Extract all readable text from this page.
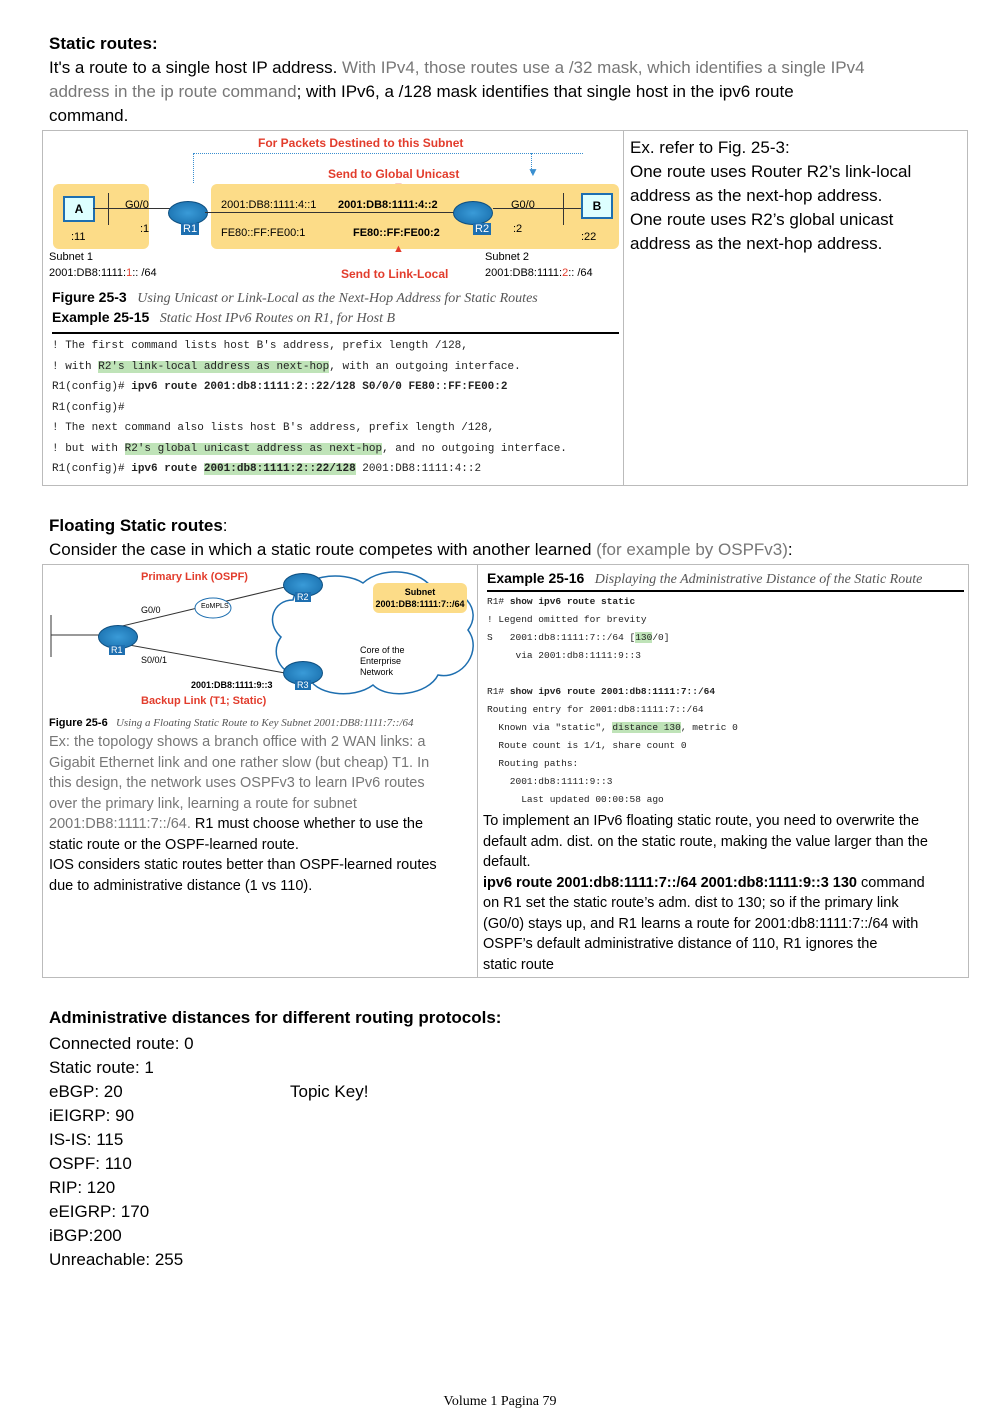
Static routes:
It's a route to a single host IP address. With IPv4, those routes use a /32 mask, which identifies a single IPv4
address in the ip route command; with IPv6, a /128 mask identifies that single host in the ipv6 route
command.
For Packets Destined to this Subnet
▼
Send to Global Unicast
A	G0/0
:11
:1	R1
2001:DB8:1111:4::1 2001:DB8:1111:4::2
FE80::FF:FE00:1	FE80::FF:FE00:2	R2
G0/0
:2
B
:22
Subnet 1
2001:DB8:1111:1:: /64
▲
Send to Link-Local
Subnet 2
2001:DB8:1111:2:: /64
Figure 25-3 Using Unicast or Link-Local as the Next-Hop Address for Static Routes
Example 25-15 Static Host IPv6 Routes on R1, for Host B
! The first command lists host B's address, prefix length /128,
! with R2's link-local address as next-hop, with an outgoing interface.
R1(config)# ipv6 route 2001:db8:1111:2::22/128 S0/0/0 FE80::FF:FE00:2
R1(config)#
! The next command also lists host B's address, prefix length /128,
! but with R2's global unicast address as next-hop, and no outgoing interface.
R1(config)# ipv6 route 2001:db8:1111:2::22/128 2001:DB8:1111:4::2
Ex. refer to Fig. 25-3:
One route uses Router R2’s link-local
address as the next-hop address.
One route uses R2’s global unicast
address as the next-hop address.
Floating Static routes:
Consider the case in which a static route competes with another learned (for example by OSPFv3):
Primary Link (OSPF)
G0/0	EoMPLS
R1
S0/0/1
R2
R3
2001:DB8:1111:9::3
Backup Link (T1; Static)
Subnet
2001:DB8:1111:7::/64
Core of the
Enterprise
Network
Figure 25-6 Using a Floating Static Route to Key Subnet 2001:DB8:1111:7::/64
Ex: the topology shows a branch office with 2 WAN links: a
Gigabit Ethernet link and one rather slow (but cheap) T1. In
this design, the network uses OSPFv3 to learn IPv6 routes
over the primary link, learning a route for subnet
2001:DB8:1111:7::/64. R1 must choose whether to use the
static route or the OSPF-learned route.
IOS considers static routes better than OSPF-learned routes
due to administrative distance (1 vs 110).
Example 25-16 Displaying the Administrative Distance of the Static Route
R1# show ipv6 route static
! Legend omitted for brevity
S   2001:db8:1111:7::/64 [130/0]
via 2001:db8:1111:9::3

R1# show ipv6 route 2001:db8:1111:7::/64
Routing entry for 2001:db8:1111:7::/64
Known via "static", distance 130, metric 0
Route count is 1/1, share count 0
Routing paths:
2001:db8:1111:9::3
Last updated 00:00:58 ago
To implement an IPv6 floating static route, you need to overwrite the
default adm. dist. on the static route, making the value larger than the
default.
ipv6 route 2001:db8:1111:7::/64 2001:db8:1111:9::3 130 command
on R1 set the static route’s adm. dist to 130; so if the primary link
(G0/0) stays up, and R1 learns a route for 2001:db8:1111:7::/64 with
OSPF’s default administrative distance of 110, R1 ignores the
static route
Administrative distances for different routing protocols:
Connected route: 0
Static route: 1
eBGP: 20
iEIGRP: 90
IS-IS: 115
OSPF: 110
RIP: 120
eEIGRP: 170
iBGP:200
Unreachable: 255
Topic Key!
Volume 1 Pagina 79
